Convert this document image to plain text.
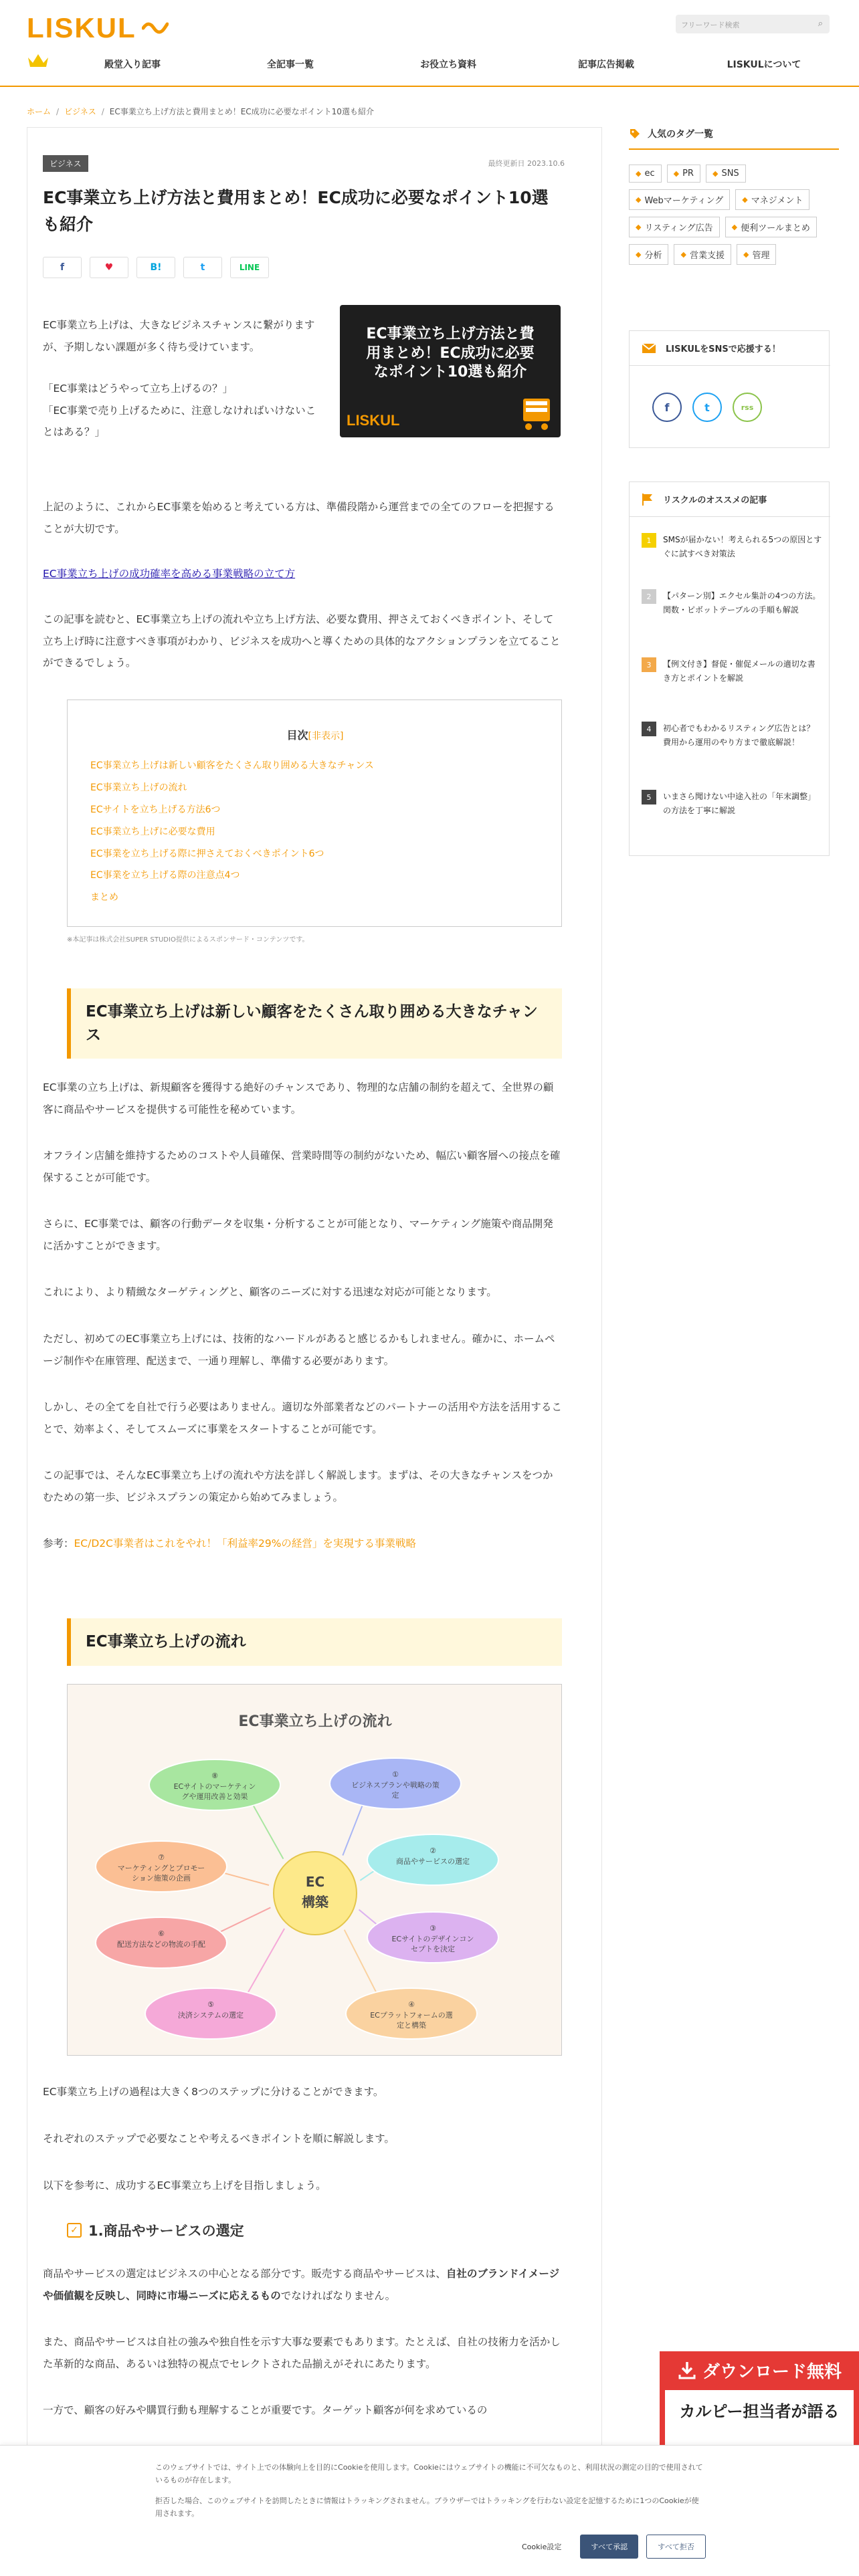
LISKUL	フリーワード検索	⌕
殿堂入り記事	全記事一覧	お役立ち資料	記事広告掲載	LISKULについて
ホーム / ビジネス / EC事業立ち上げ方法と費用まとめ！EC成功に必要なポイント10選も紹介
ビジネス	最終更新日 2023.10.6
EC事業立ち上げ方法と費用まとめ！EC成功に必要なポイント10選も紹介
f	♥	B!	t	LINE

EC事業立ち上げは、大きなビジネスチャンスに繋がりますが、予期しない課題が多く待ち受けています。

「EC事業はどうやって立ち上げるの？」

「EC事業で売り上げるために、注意しなければいけないことはある？」

EC事業立ち上げ方法と費用まとめ！EC成功に必要なポイント10選も紹介
LISKUL

上記のように、これからEC事業を始めると考えている方は、準備段階から運営までの全てのフローを把握することが大切です。

EC事業立ち上げの成功確率を高める事業戦略の立て方

この記事を読むと、EC事業立ち上げの流れや立ち上げ方法、必要な費用、押さえておくべきポイント、そして立ち上げ時に注意すべき事項がわかり、ビジネスを成功へと導くための具体的なアクションプランを立てることができるでしょう。

目次[非表示]
EC事業立ち上げは新しい顧客をたくさん取り囲める大きなチャンス
EC事業立ち上げの流れ
ECサイトを立ち上げる方法6つ
EC事業立ち上げに必要な費用
EC事業を立ち上げる際に押さえておくべきポイント6つ
EC事業を立ち上げる際の注意点4つ
まとめ
※本記事は株式会社SUPER STUDIO提供によるスポンサード・コンテンツです。
EC事業立ち上げは新しい顧客をたくさん取り囲める大きなチャンス

EC事業の立ち上げは、新規顧客を獲得する絶好のチャンスであり、物理的な店舗の制約を超えて、全世界の顧客に商品やサービスを提供する可能性を秘めています。

オフライン店舗を維持するためのコストや人員確保、営業時間等の制約がないため、幅広い顧客層への接点を確保することが可能です。

さらに、EC事業では、顧客の行動データを収集・分析することが可能となり、マーケティング施策や商品開発に活かすことができます。

これにより、より精緻なターゲティングと、顧客のニーズに対する迅速な対応が可能となります。

ただし、初めてのEC事業立ち上げには、技術的なハードルがあると感じるかもしれません。確かに、ホームページ制作や在庫管理、配送まで、一通り理解し、準備する必要があります。

しかし、その全てを自社で行う必要はありません。適切な外部業者などのパートナーの活用や方法を活用することで、効率よく、そしてスムーズに事業をスタートすることが可能です。

この記事では、そんなEC事業立ち上げの流れや方法を詳しく解説します。まずは、その大きなチャンスをつかむための第一歩、ビジネスプランの策定から始めてみましょう。

参考：EC/D2C事業者はこれをやれ！「利益率29%の経営」を実現する事業戦略

EC事業立ち上げの流れ
EC事業立ち上げの流れ
①
ビジネスプランや戦略の策
定
②
商品やサービスの選定
③
ECサイトのデザインコン
セプトを決定
④
ECプラットフォームの選
定と構築
⑤
決済システムの選定
⑥
配送方法などの物流の手配
⑦
マーケティングとプロモー
ション施策の企画
⑧
ECサイトのマーケティン
グや運用改善と効果
EC
構築

EC事業立ち上げの過程は大きく8つのステップに分けることができます。

それぞれのステップで必要なことや考えるべきポイントを順に解説します。

以下を参考に、成功するEC事業立ち上げを目指しましょう。

✓ 1.商品やサービスの選定

商品やサービスの選定はビジネスの中心となる部分です。販売する商品やサービスは、自社のブランドイメージや価値観を反映し、同時に市場ニーズに応えるものでなければなりません。

また、商品やサービスは自社の強みや独自性を示す大事な要素でもあります。たとえば、自社の技術力を活かした革新的な商品、あるいは独特の視点でセレクトされた品揃えがそれにあたります。

一方で、顧客の好みや購買行動も理解することが重要です。ターゲット顧客が何を求めているの

人気のタグ一覧
◆ ec	◆ PR	◆ SNS
◆ Webマーケティング	◆ マネジメント
◆ リスティング広告	◆ 便利ツールまとめ
◆ 分析	◆ 営業支援	◆ 管理
LISKULをSNSで応援する！
f	t	rss
リスクルのオススメの記事
1	SMSが届かない！考えられる5つの原因とすぐに試すべき対策法
2	【パターン別】エクセル集計の4つの方法。関数・ピボットテーブルの手順も解説
3	【例文付き】督促・催促メールの適切な書き方とポイントを解説
4	初心者でもわかるリスティング広告とは？費用から運用のやり方まで徹底解説！
5	いまさら聞けない中途入社の「年末調整」の方法を丁寧に解説
ダウンロード無料
カルピー担当者が語る

このウェブサイトでは、サイト上での体験向上を目的にCookieを使用します。Cookieにはウェブサイトの機能に不可欠なものと、利用状況の測定の目的で使用されているものが存在します。

拒否した場合、このウェブサイトを訪問したときに情報はトラッキングされません。ブラウザーではトラッキングを行わない設定を記憶するために1つのCookieが使用されます。

Cookie設定	すべて承認	すべて拒否
